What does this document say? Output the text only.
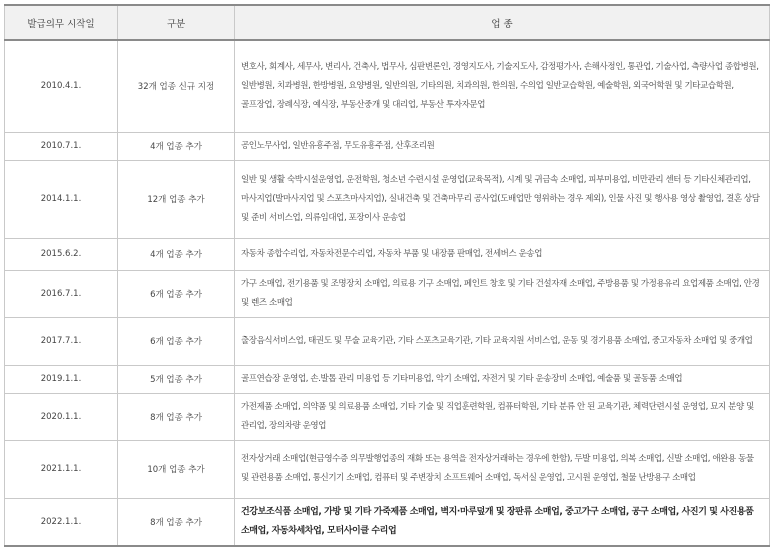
발급의무 시작일	구분	업 종
2010.4.1.	32개 업종 신규 지정	변호사, 회계사, 세무사, 변리사, 건축사, 법무사, 심판변론인, 경영지도사, 기술지도사, 감정평가사, 손해사정인, 통관업, 기술사업, 측량사업 종합병원, 일반병원, 치과병원, 한방병원, 요양병원, 일반의원, 기타의원, 치과의원, 한의원, 수의업 일반교습학원, 예술학원, 외국어학원 및 기타교습학원, 골프장업, 장례식장, 예식장, 부동산중개 및 대리업, 부동산 투자자문업
2010.7.1.	4개 업종 추가	공인노무사업, 일반유흥주점, 무도유흥주점, 산후조리원
2014.1.1.	12개 업종 추가	일반 및 생활 숙박시설운영업, 운전학원, 청소년 수련시설 운영업(교육목적), 시계 및 귀금속 소매업, 피부미용업, 비만관리 센터 등 기타신체관리업, 마사지업(발마사지업 및 스포츠마사지업), 실내건축 및 건축마무리 공사업(도배업만 영위하는 경우 제외), 인물 사진 및 행사용 영상 촬영업, 결혼 상담 및 준비 서비스업, 의류임대업, 포장이사 운송업
2015.6.2.	4개 업종 추가	자동차 종합수리업, 자동차전문수리업, 자동차 부품 및 내장품 판매업, 전세버스 운송업
2016.7.1.	6개 업종 추가	가구 소매업, 전기용품 및 조명장치 소매업, 의료용 기구 소매업, 페인트 창호 및 기타 건설자재 소매업, 주방용품 및 가정용유리 요업제품 소매업, 안경 및 렌즈 소매업
2017.7.1.	6개 업종 추가	출장음식서비스업, 태권도 및 무술 교육기관, 기타 스포츠교육기관, 기타 교육지원 서비스업, 운동 및 경기용품 소매업, 중고자동차 소매업 및 중개업
2019.1.1.	5개 업종 추가	골프연습장 운영업, 손.발톱 관리 미용업 등 기타미용업, 악기 소매업, 자전거 및 기타 운송장비 소매업, 예술품 및 골동품 소매업
2020.1.1.	8개 업종 추가	가전제품 소매업, 의약품 및 의료용품 소매업, 기타 기술 및 직업훈련학원, 컴퓨터학원, 기타 분류 안 된 교육기관, 체력단련시설 운영업, 묘지 분양 및 관리업, 장의차량 운영업
2021.1.1.	10개 업종 추가	전자상거래 소매업(현금영수증 의무발행업종의 재화 또는 용역을 전자상거래하는 경우에 한함), 두발 미용업, 의복 소매업, 신발 소매업, 애완용 동물 및 관련용품 소매업, 통신기기 소매업, 컴퓨터 및 주변장치 소프트웨어 소매업, 독서실 운영업, 고시원 운영업, 철물 난방용구 소매업
2022.1.1.	8개 업종 추가	건강보조식품 소매업, 가방 및 기타 가죽제품 소매업, 벽지·마루덮개 및 장판류 소매업, 중고가구 소매업, 공구 소매업, 사진기 및 사진용품 소매업, 자동차세차업, 모터사이클 수리업
